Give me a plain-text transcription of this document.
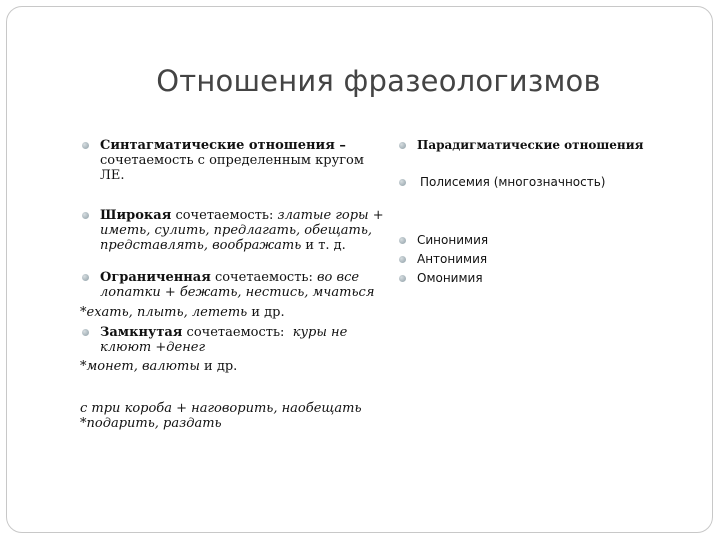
Отношения фразеологизмов
Синтагматические отношения –
сочетаемость с определенным кругом
ЛЕ.
Широкая сочетаемость: златые горы +
иметь, сулить, предлагать, обещать,
представлять, воображать и т. д.
Ограниченная сочетаемость: во все
лопатки + бежать, нестись, мчаться
*ехать, плыть, лететь и др.
Замкнутая сочетаемость:  куры не
клюют +денег
*монет, валюты и др.
с три короба + наговорить, наобещать
*подарить, раздать
Парадигматические отношения
Полисемия (многозначность)
Синонимия
Антонимия
Омонимия
